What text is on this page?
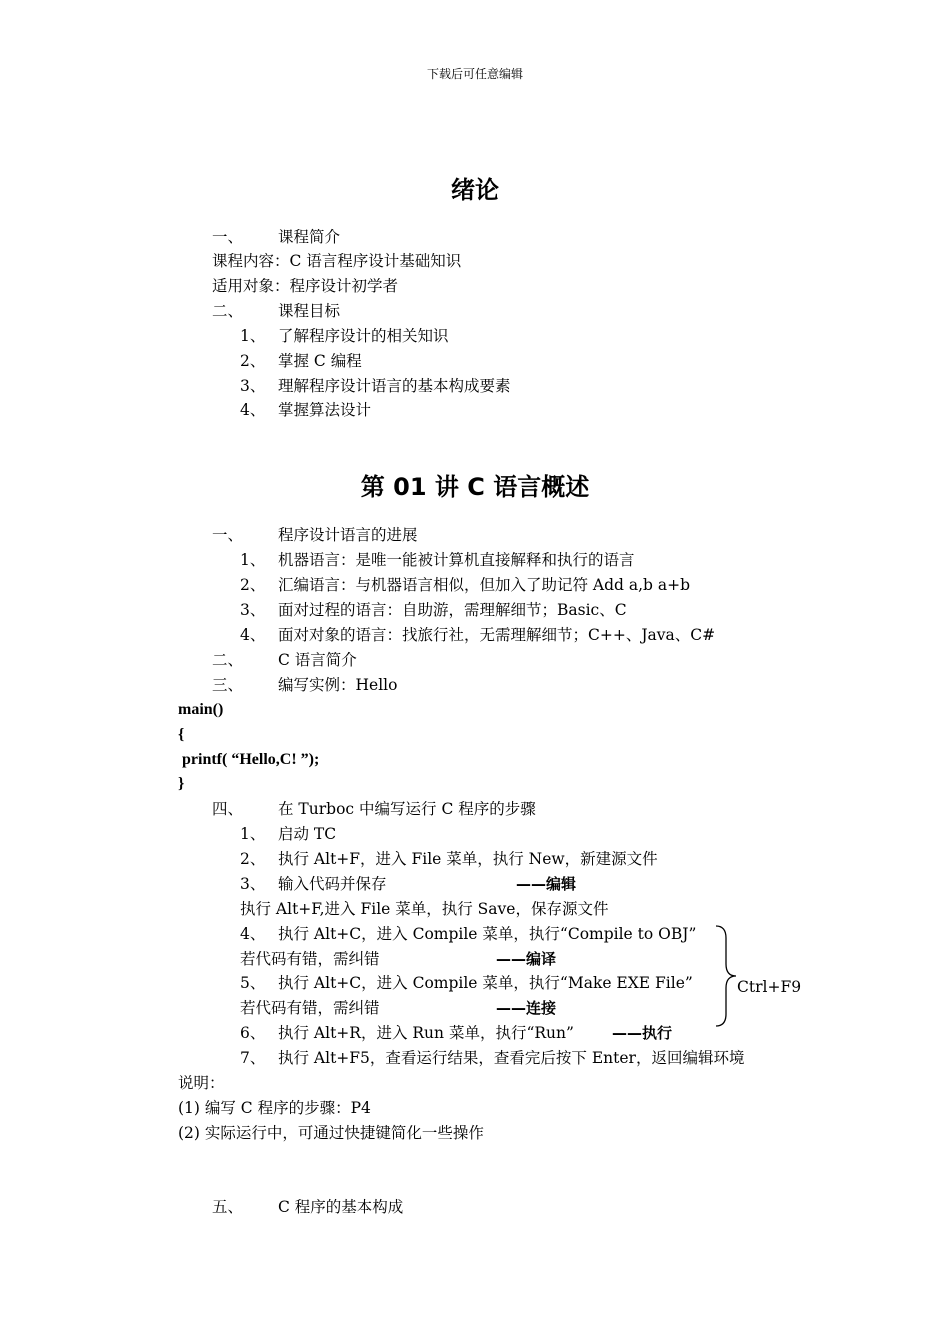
下载后可任意编辑
绪论
一、 课程简介
课程内容：C 语言程序设计基础知识
适用对象：程序设计初学者
二、 课程目标
1、 了解程序设计的相关知识
2、 掌握 C 编程
3、 理解程序设计语言的基本构成要素
4、 掌握算法设计
第 01 讲 C 语言概述
一、 程序设计语言的进展
1、 机器语言：是唯一能被计算机直接解释和执行的语言
2、 汇编语言：与机器语言相似，但加入了助记符 Add a,b a+b
3、 面对过程的语言：自助游，需理解细节；Basic、C
4、 面对对象的语言：找旅行社，无需理解细节；C++、Java、C#
二、 C 语言简介
三、 编写实例：Hello
main()
{
printf( “Hello,C! ”);
}
四、 在 Turboc 中编写运行 C 程序的步骤
1、 启动 TC
2、 执行 Alt+F，进入 File 菜单，执行 New，新建源文件
3、 输入代码并保存	——编辑
执行 Alt+F,进入 File 菜单，执行 Save，保存源文件
4、 执行 Alt+C，进入 Compile 菜单，执行“Compile to OBJ”
若代码有错，需纠错	——编译
5、 执行 Alt+C，进入 Compile 菜单，执行“Make EXE File”
若代码有错，需纠错	——连接
6、 执行 Alt+R，进入 Run 菜单，执行“Run”	——执行
7、 执行 Alt+F5，查看运行结果，查看完后按下 Enter，返回编辑环境
Ctrl+F9
说明：
(1) 编写 C 程序的步骤：P4
(2) 实际运行中，可通过快捷键简化一些操作
五、 C 程序的基本构成
